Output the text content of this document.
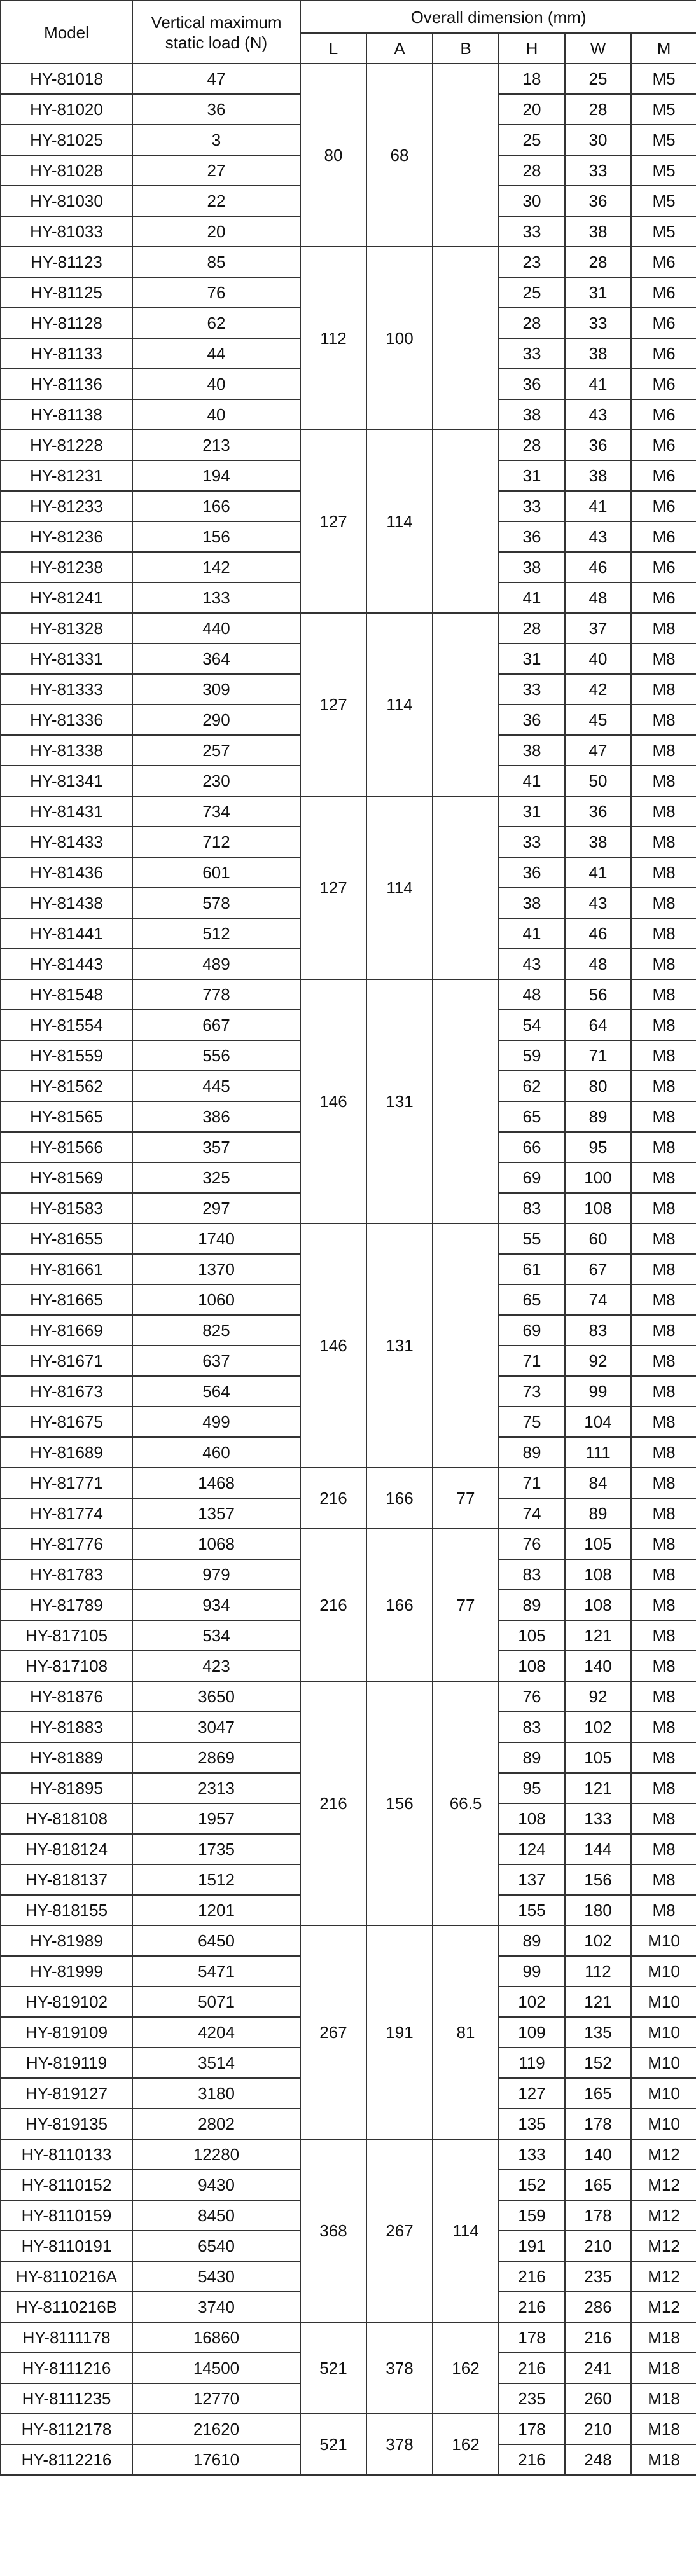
Model	Vertical maximum static load (N)	Overall dimension (mm)					
		L	A	B	H	W	M
HY-81018	47	80	68		18	25	M5
HY-81020	36				20	28	M5
HY-81025	3				25	30	M5
HY-81028	27				28	33	M5
HY-81030	22				30	36	M5
HY-81033	20				33	38	M5
HY-81123	85	112	100		23	28	M6
HY-81125	76				25	31	M6
HY-81128	62				28	33	M6
HY-81133	44				33	38	M6
HY-81136	40				36	41	M6
HY-81138	40				38	43	M6
HY-81228	213	127	114		28	36	M6
HY-81231	194				31	38	M6
HY-81233	166				33	41	M6
HY-81236	156				36	43	M6
HY-81238	142				38	46	M6
HY-81241	133				41	48	M6
HY-81328	440	127	114		28	37	M8
HY-81331	364				31	40	M8
HY-81333	309				33	42	M8
HY-81336	290				36	45	M8
HY-81338	257				38	47	M8
HY-81341	230				41	50	M8
HY-81431	734	127	114		31	36	M8
HY-81433	712				33	38	M8
HY-81436	601				36	41	M8
HY-81438	578				38	43	M8
HY-81441	512				41	46	M8
HY-81443	489				43	48	M8
HY-81548	778	146	131		48	56	M8
HY-81554	667				54	64	M8
HY-81559	556				59	71	M8
HY-81562	445				62	80	M8
HY-81565	386				65	89	M8
HY-81566	357				66	95	M8
HY-81569	325				69	100	M8
HY-81583	297				83	108	M8
HY-81655	1740	146	131		55	60	M8
HY-81661	1370				61	67	M8
HY-81665	1060				65	74	M8
HY-81669	825				69	83	M8
HY-81671	637				71	92	M8
HY-81673	564				73	99	M8
HY-81675	499				75	104	M8
HY-81689	460				89	111	M8
HY-81771	1468	216	166	77	71	84	M8
HY-81774	1357				74	89	M8
HY-81776	1068	216	166	77	76	105	M8
HY-81783	979				83	108	M8
HY-81789	934				89	108	M8
HY-817105	534				105	121	M8
HY-817108	423				108	140	M8
HY-81876	3650	216	156	66.5	76	92	M8
HY-81883	3047				83	102	M8
HY-81889	2869				89	105	M8
HY-81895	2313				95	121	M8
HY-818108	1957				108	133	M8
HY-818124	1735				124	144	M8
HY-818137	1512				137	156	M8
HY-818155	1201				155	180	M8
HY-81989	6450	267	191	81	89	102	M10
HY-81999	5471				99	112	M10
HY-819102	5071				102	121	M10
HY-819109	4204				109	135	M10
HY-819119	3514				119	152	M10
HY-819127	3180				127	165	M10
HY-819135	2802				135	178	M10
HY-8110133	12280	368	267	114	133	140	M12
HY-8110152	9430				152	165	M12
HY-8110159	8450				159	178	M12
HY-8110191	6540				191	210	M12
HY-8110216A	5430				216	235	M12
HY-8110216B	3740				216	286	M12
HY-8111178	16860	521	378	162	178	216	M18
HY-8111216	14500				216	241	M18
HY-8111235	12770				235	260	M18
HY-8112178	21620	521	378	162	178	210	M18
HY-8112216	17610				216	248	M18
